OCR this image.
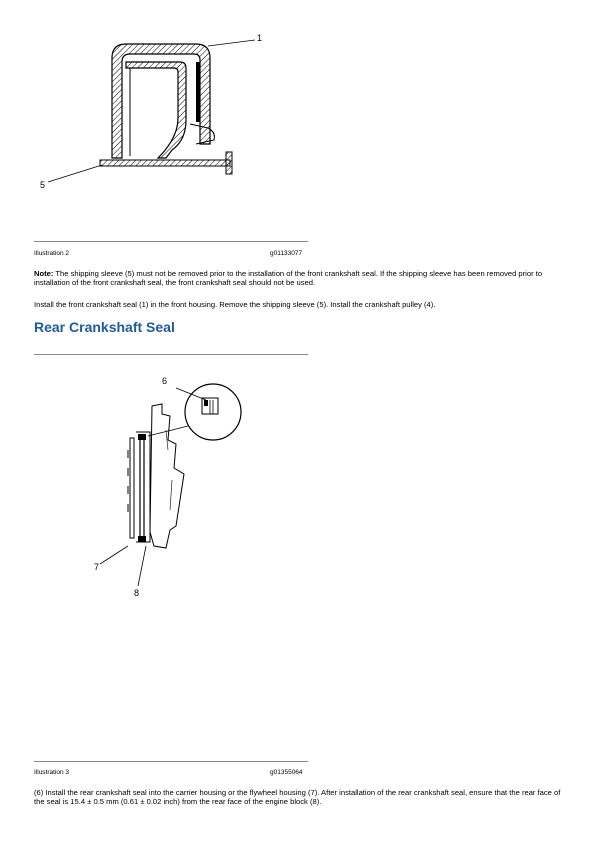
1
5
Illustration 2	g01133077
Note: The shipping sleeve (5) must not be removed prior to the installation of the front crankshaft seal. If the shipping sleeve has been removed prior to installation of the front crankshaft seal, the front crankshaft seal should not be used.
Install the front crankshaft seal (1) in the front housing. Remove the shipping sleeve (5). Install the crankshaft pulley (4).
Rear Crankshaft Seal
6
7
8
Illustration 3	g01355064
(6) Install the rear crankshaft seal into the carrier housing or the flywheel housing (7). After installation of the rear crankshaft seal, ensure that the rear face of the seal is 15.4 ± 0.5 mm (0.61 ± 0.02 inch) from the rear face of the engine block (8).
